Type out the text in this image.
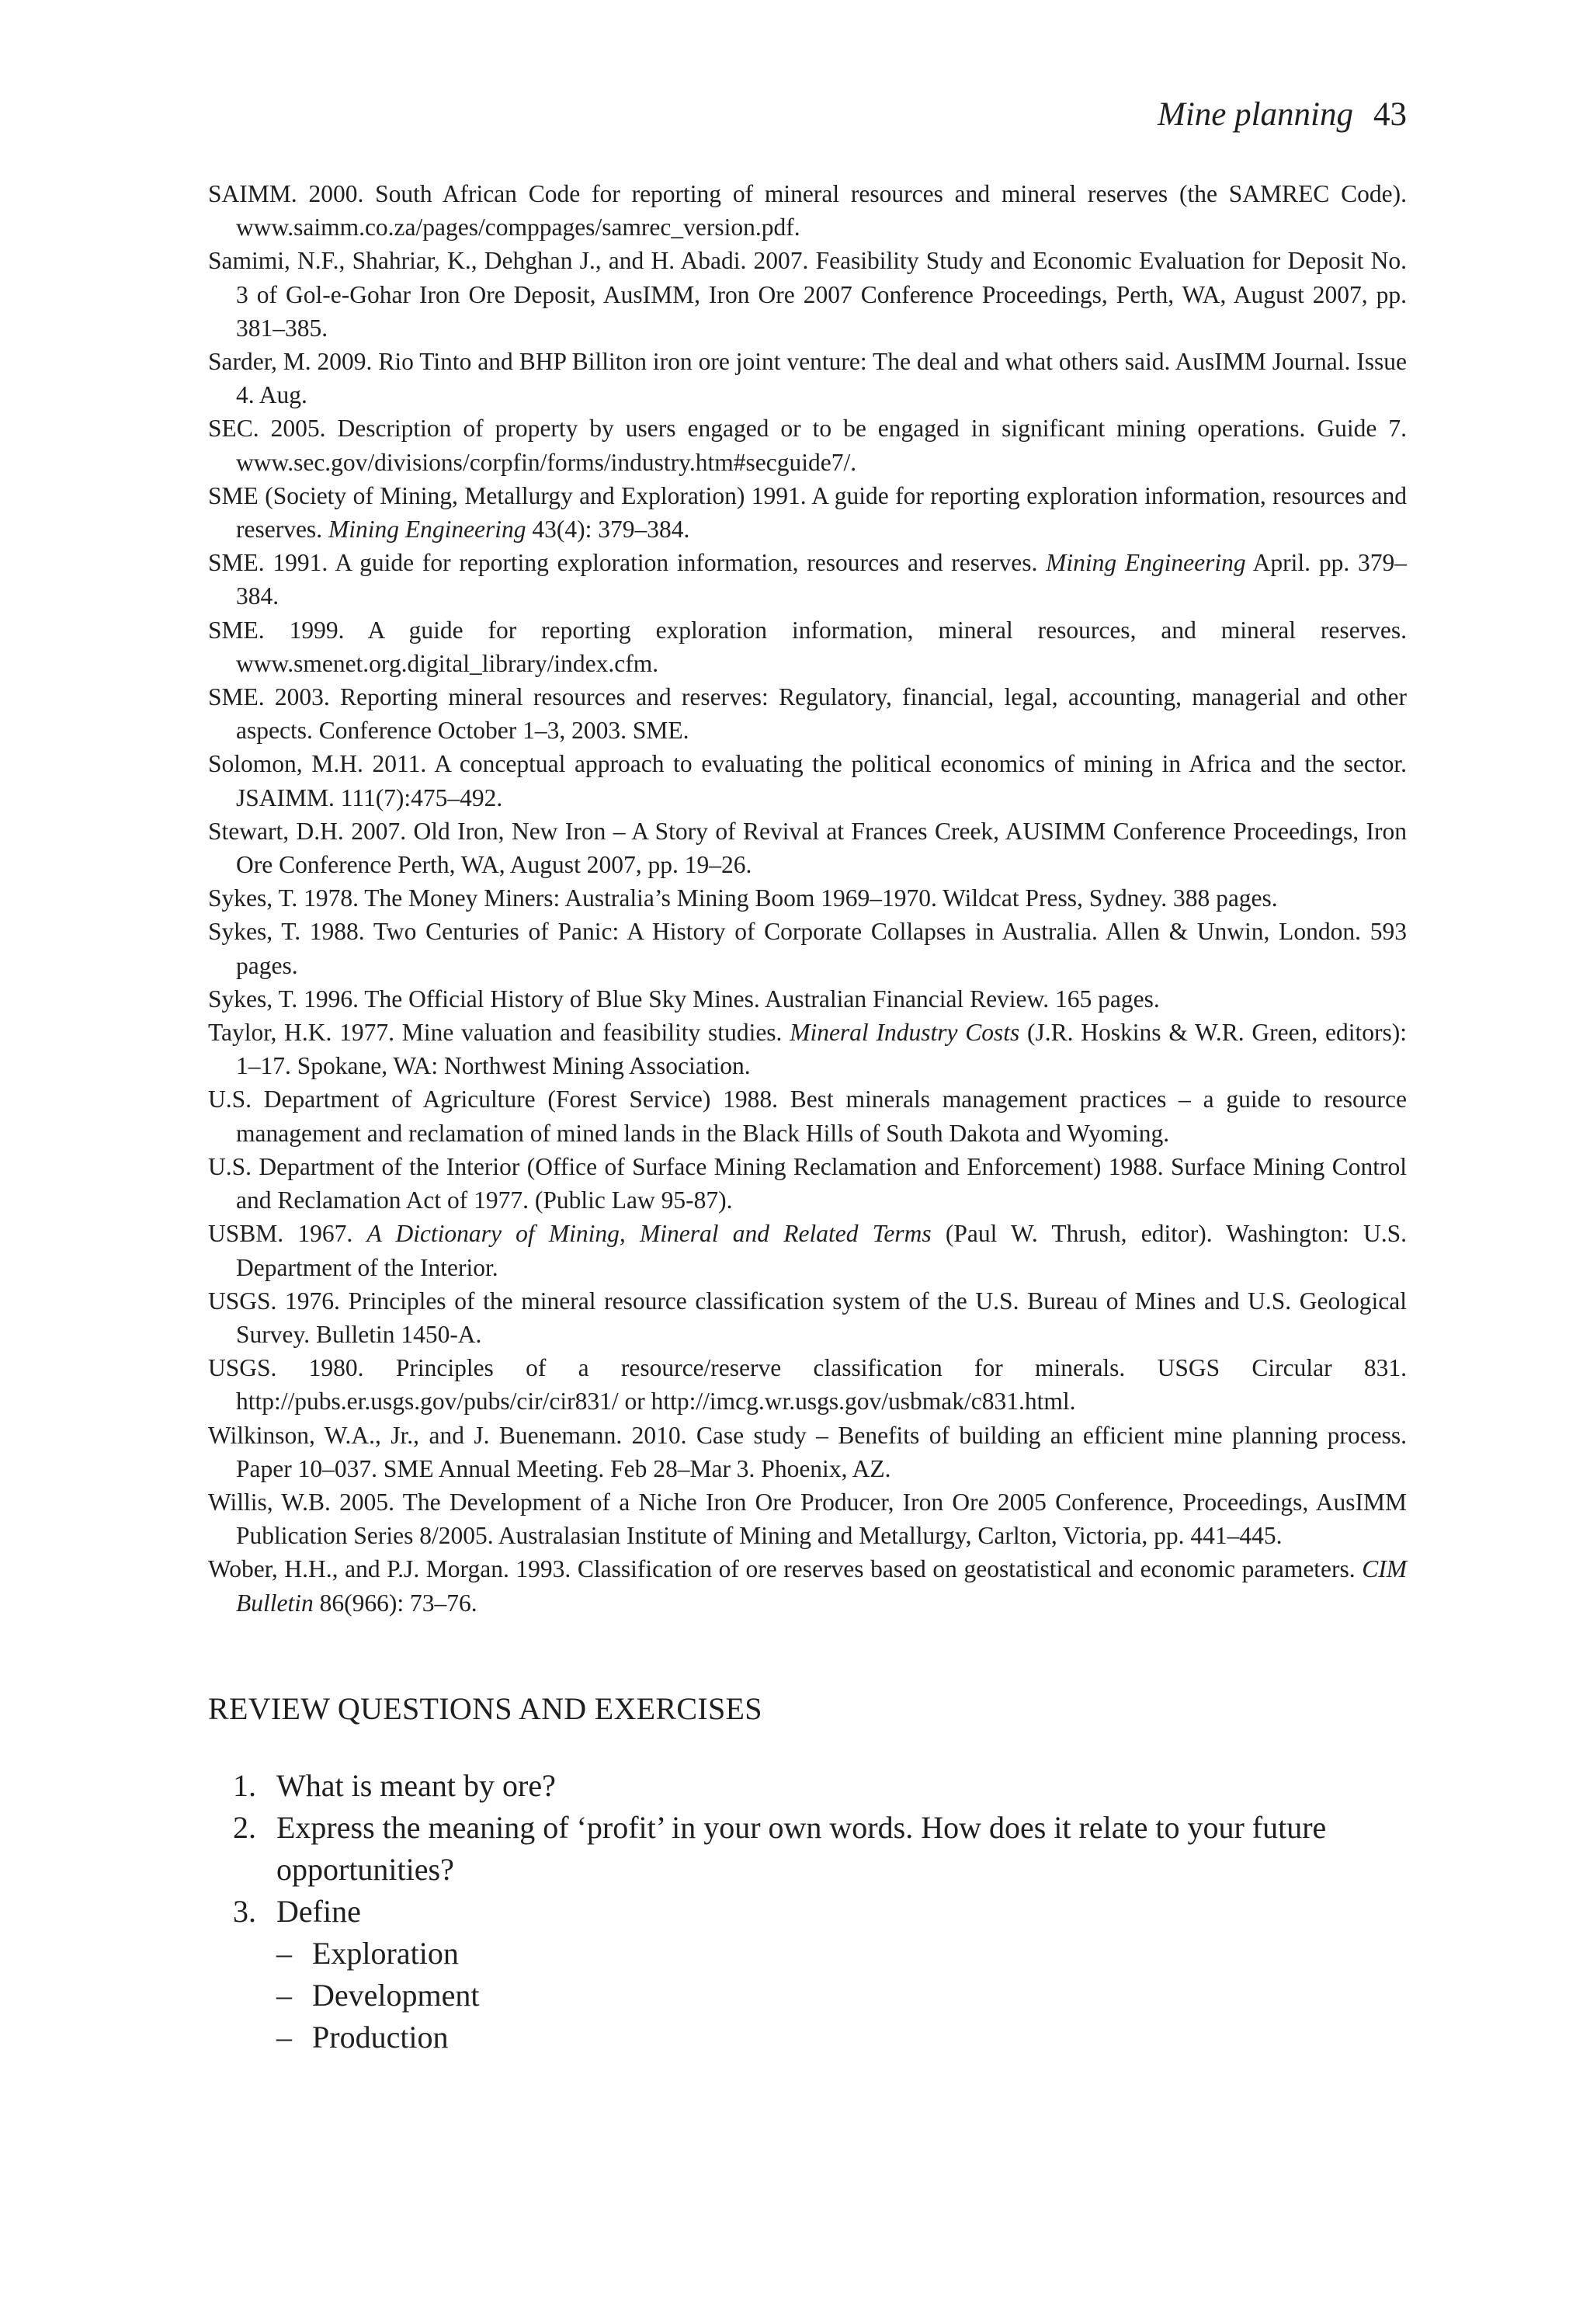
Mine planning 43
SAIMM. 2000. South African Code for reporting of mineral resources and mineral reserves (the SAMREC Code). www.saimm.co.za/pages/comppages/samrec_version.pdf.
Samimi, N.F., Shahriar, K., Dehghan J., and H. Abadi. 2007. Feasibility Study and Economic Evaluation for Deposit No. 3 of Gol-e-Gohar Iron Ore Deposit, AusIMM, Iron Ore 2007 Conference Proceedings, Perth, WA, August 2007, pp. 381–385.
Sarder, M. 2009. Rio Tinto and BHP Billiton iron ore joint venture: The deal and what others said. AusIMM Journal. Issue 4. Aug.
SEC. 2005. Description of property by users engaged or to be engaged in significant mining operations. Guide 7. www.sec.gov/divisions/corpfin/forms/industry.htm#secguide7/.
SME (Society of Mining, Metallurgy and Exploration) 1991. A guide for reporting exploration information, resources and reserves. Mining Engineering 43(4): 379–384.
SME. 1991. A guide for reporting exploration information, resources and reserves. Mining Engineering April. pp. 379–384.
SME. 1999. A guide for reporting exploration information, mineral resources, and mineral reserves. www.smenet.org.digital_library/index.cfm.
SME. 2003. Reporting mineral resources and reserves: Regulatory, financial, legal, accounting, managerial and other aspects. Conference October 1–3, 2003. SME.
Solomon, M.H. 2011. A conceptual approach to evaluating the political economics of mining in Africa and the sector. JSAIMM. 111(7):475–492.
Stewart, D.H. 2007. Old Iron, New Iron – A Story of Revival at Frances Creek, AUSIMM Conference Proceedings, Iron Ore Conference Perth, WA, August 2007, pp. 19–26.
Sykes, T. 1978. The Money Miners: Australia’s Mining Boom 1969–1970. Wildcat Press, Sydney. 388 pages.
Sykes, T. 1988. Two Centuries of Panic: A History of Corporate Collapses in Australia. Allen & Unwin, London. 593 pages.
Sykes, T. 1996. The Official History of Blue Sky Mines. Australian Financial Review. 165 pages.
Taylor, H.K. 1977. Mine valuation and feasibility studies. Mineral Industry Costs (J.R. Hoskins & W.R. Green, editors): 1–17. Spokane, WA: Northwest Mining Association.
U.S. Department of Agriculture (Forest Service) 1988. Best minerals management practices – a guide to resource management and reclamation of mined lands in the Black Hills of South Dakota and Wyoming.
U.S. Department of the Interior (Office of Surface Mining Reclamation and Enforcement) 1988. Surface Mining Control and Reclamation Act of 1977. (Public Law 95-87).
USBM. 1967. A Dictionary of Mining, Mineral and Related Terms (Paul W. Thrush, editor). Washington: U.S. Department of the Interior.
USGS. 1976. Principles of the mineral resource classification system of the U.S. Bureau of Mines and U.S. Geological Survey. Bulletin 1450-A.
USGS. 1980. Principles of a resource/reserve classification for minerals. USGS Circular 831. http://pubs.er.usgs.gov/pubs/cir/cir831/ or http://imcg.wr.usgs.gov/usbmak/c831.html.
Wilkinson, W.A., Jr., and J. Buenemann. 2010. Case study – Benefits of building an efficient mine planning process. Paper 10–037. SME Annual Meeting. Feb 28–Mar 3. Phoenix, AZ.
Willis, W.B. 2005. The Development of a Niche Iron Ore Producer, Iron Ore 2005 Conference, Proceedings, AusIMM Publication Series 8/2005. Australasian Institute of Mining and Metallurgy, Carlton, Victoria, pp. 441–445.
Wober, H.H., and P.J. Morgan. 1993. Classification of ore reserves based on geostatistical and economic parameters. CIM Bulletin 86(966): 73–76.
REVIEW QUESTIONS AND EXERCISES
1. What is meant by ore?
2. Express the meaning of ‘profit’ in your own words. How does it relate to your future opportunities?
3. Define
– Exploration
– Development
– Production
